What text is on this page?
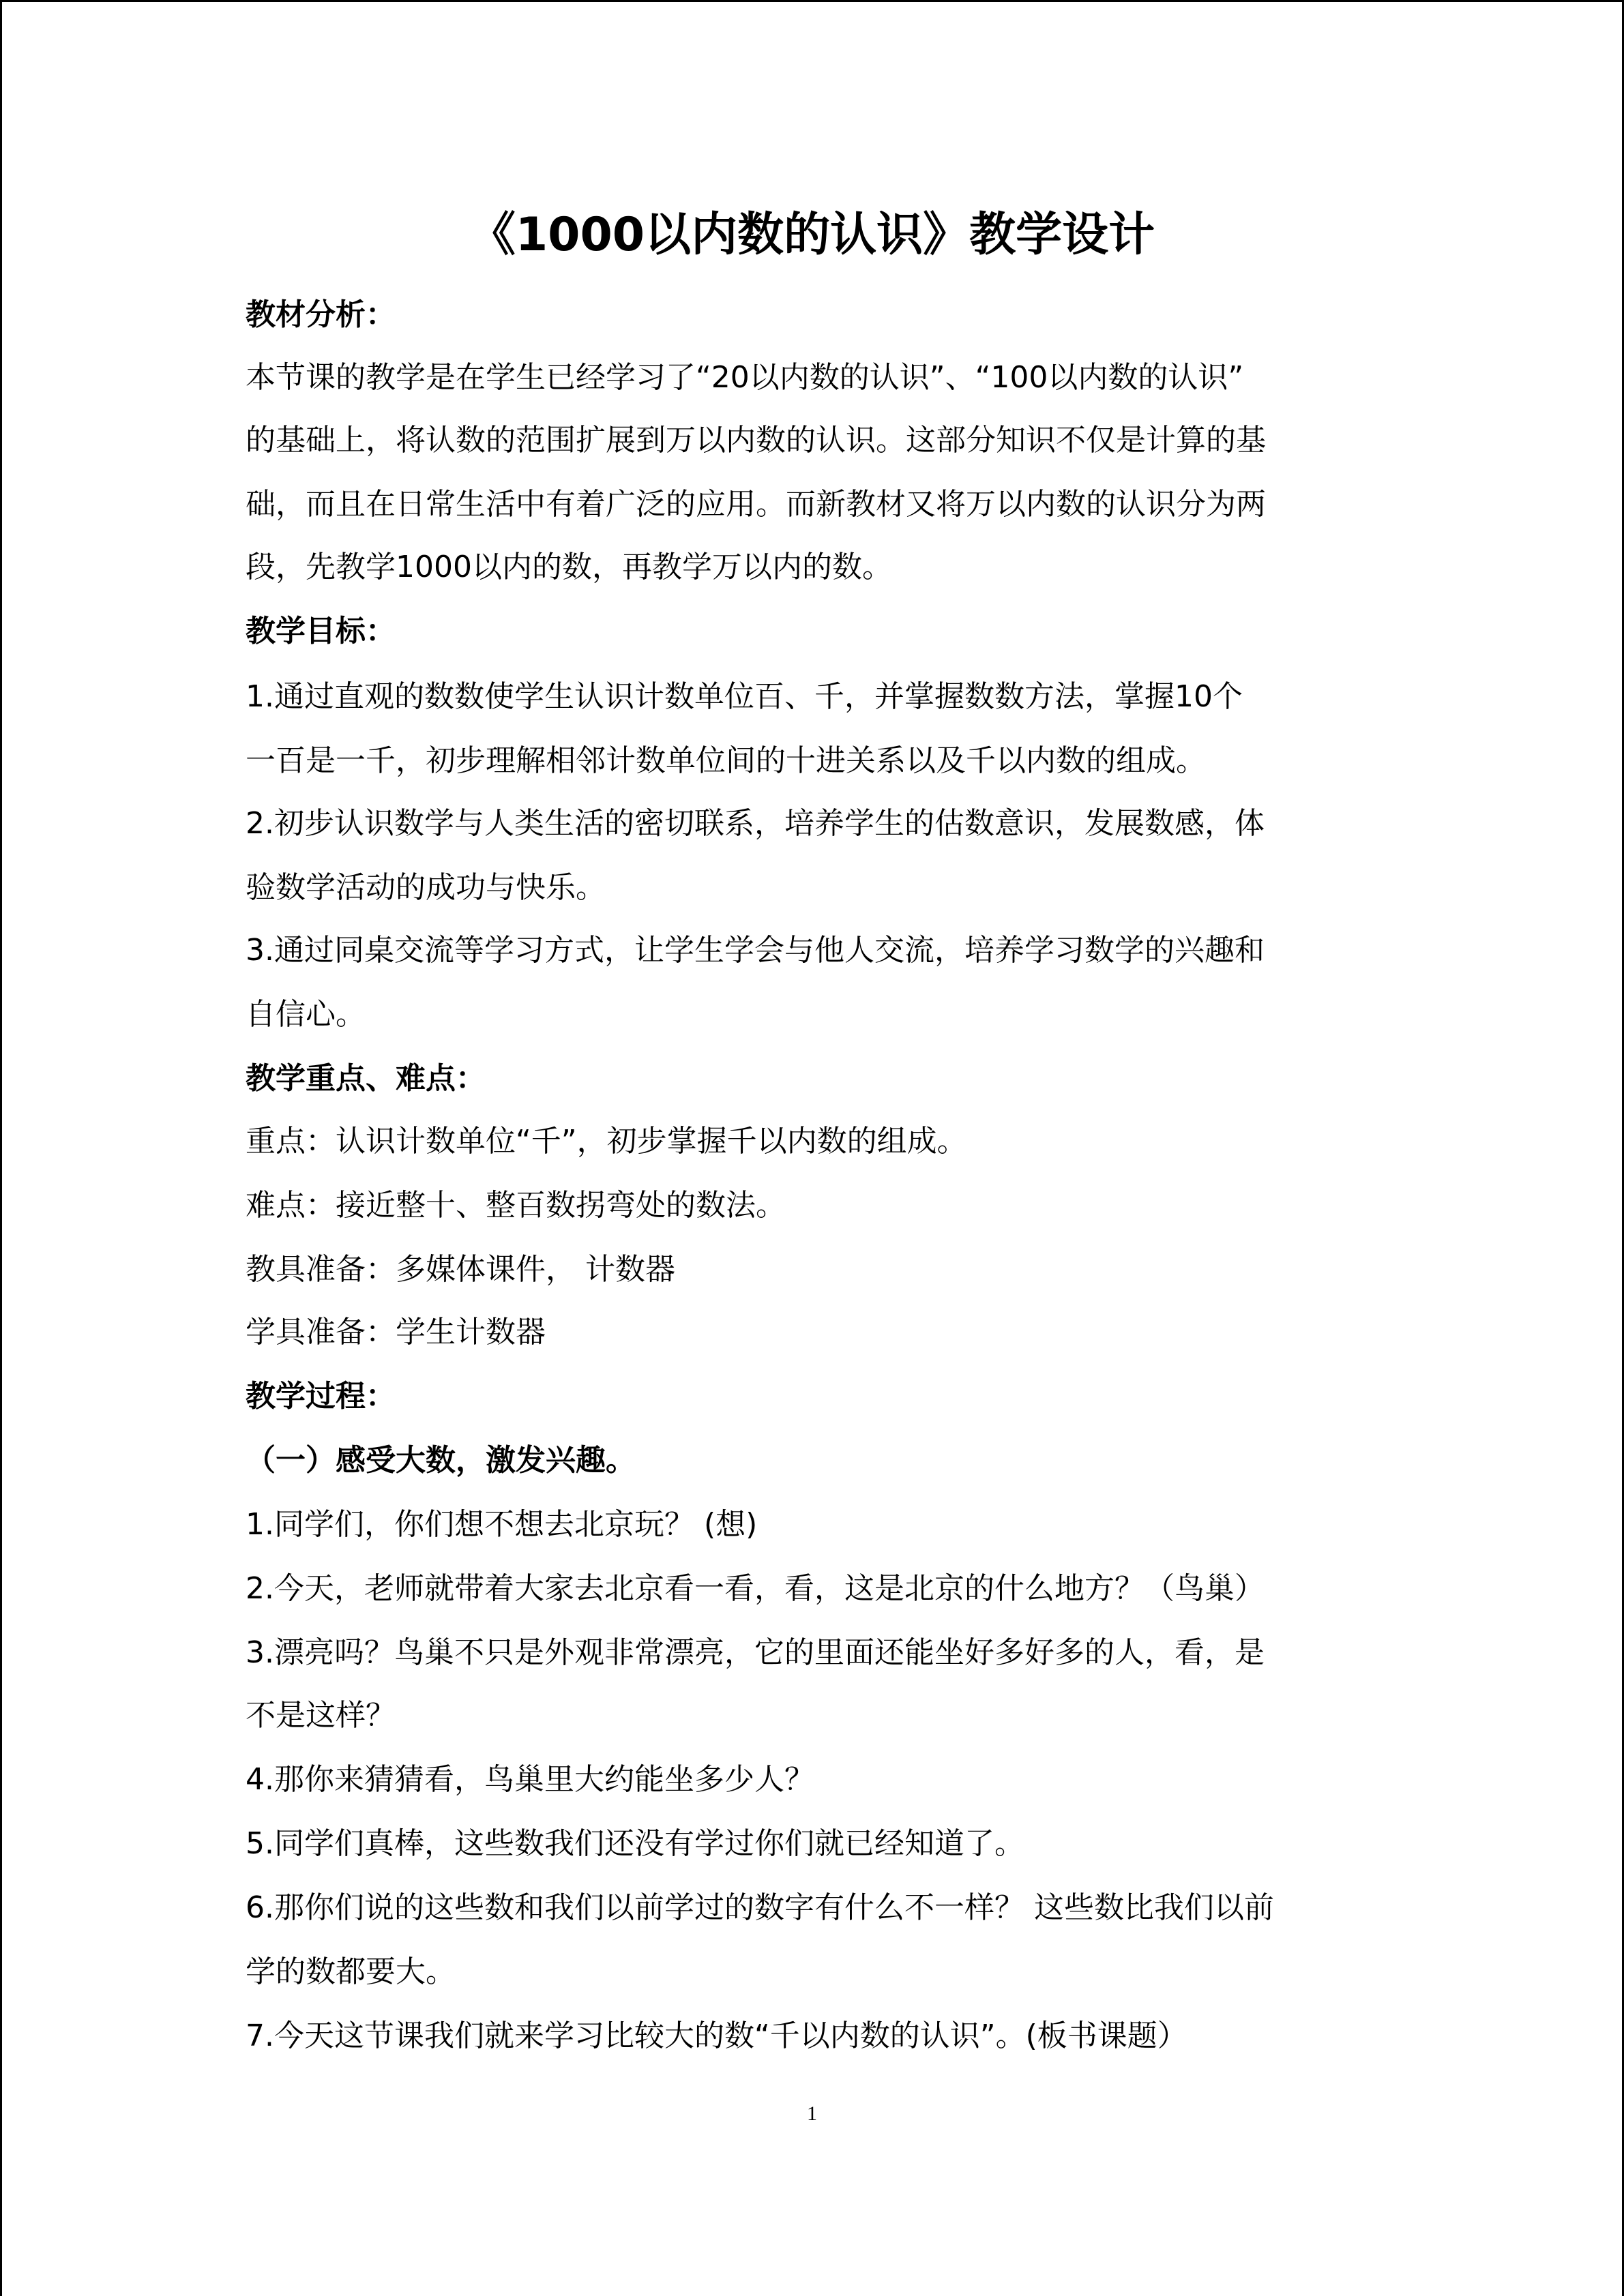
《1000以内数的认识》教学设计
教材分析：
本节课的教学是在学生已经学习了“20以内数的认识”、“100以内数的认识”
的基础上，将认数的范围扩展到万以内数的认识。这部分知识不仅是计算的基
础，而且在日常生活中有着广泛的应用。而新教材又将万以内数的认识分为两
段，先教学1000以内的数，再教学万以内的数。
教学目标：
1.通过直观的数数使学生认识计数单位百、千，并掌握数数方法，掌握10个
一百是一千，初步理解相邻计数单位间的十进关系以及千以内数的组成。
2.初步认识数学与人类生活的密切联系，培养学生的估数意识，发展数感，体
验数学活动的成功与快乐。
3.通过同桌交流等学习方式，让学生学会与他人交流，培养学习数学的兴趣和
自信心。
教学重点、难点：
重点：认识计数单位“千”，初步掌握千以内数的组成。
难点：接近整十、整百数拐弯处的数法。
教具准备：多媒体课件， 计数器
学具准备：学生计数器
教学过程：
（一）感受大数，激发兴趣。
1.同学们，你们想不想去北京玩？ (想)
2.今天，老师就带着大家去北京看一看，看，这是北京的什么地方？（鸟巢）
3.漂亮吗？鸟巢不只是外观非常漂亮，它的里面还能坐好多好多的人，看，是
不是这样？
4.那你来猜猜看，鸟巢里大约能坐多少人？
5.同学们真棒，这些数我们还没有学过你们就已经知道了。
6.那你们说的这些数和我们以前学过的数字有什么不一样？ 这些数比我们以前
学的数都要大。
7.今天这节课我们就来学习比较大的数“千以内数的认识”。(板书课题）
1
